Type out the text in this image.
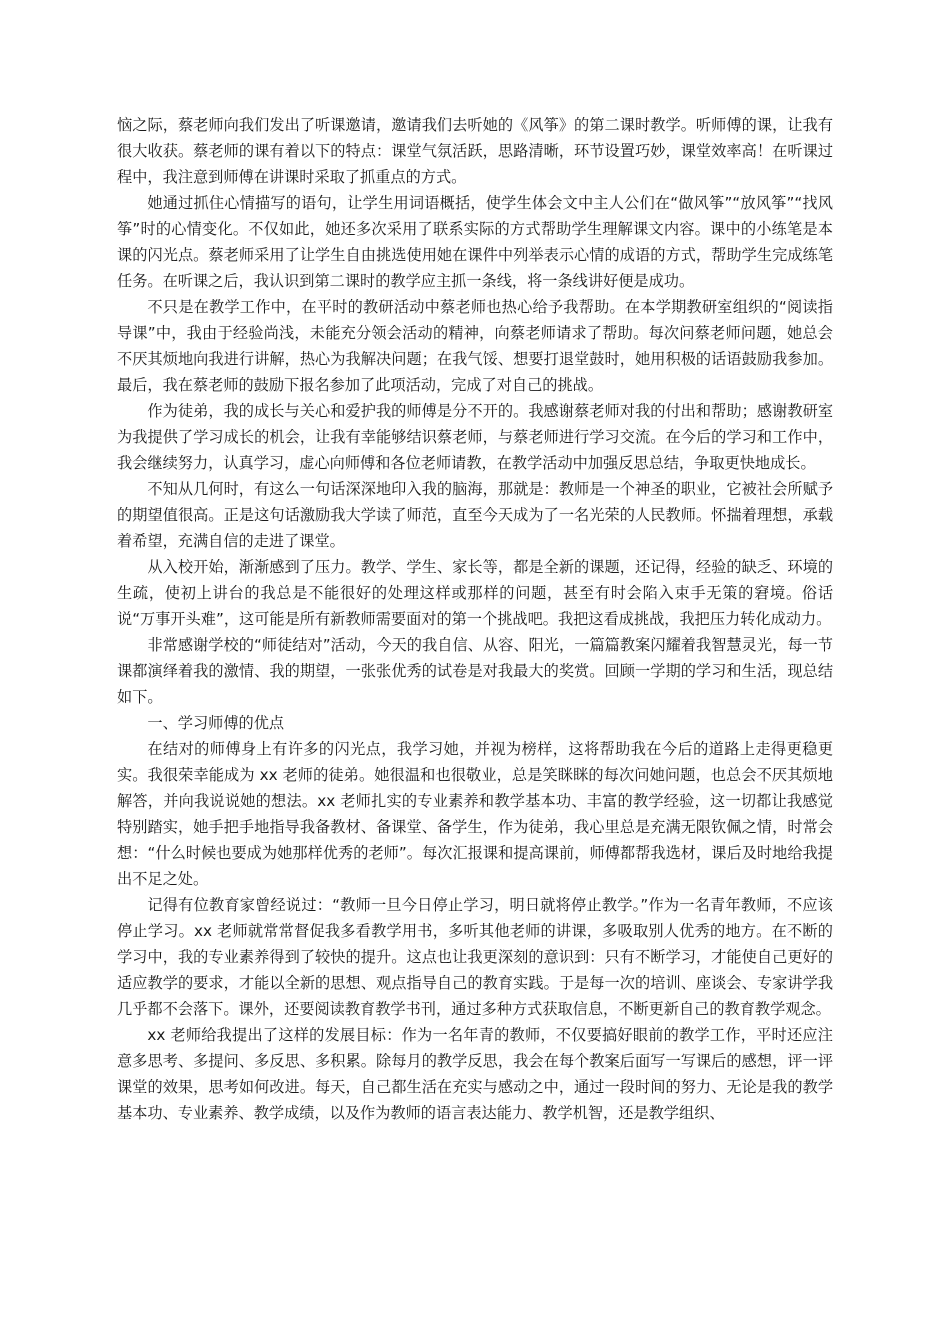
恼之际，蔡老师向我们发出了听课邀请，邀请我们去听她的《风筝》的第二课时教学。听师傅的课，让我有很大收获。蔡老师的课有着以下的特点：课堂气氛活跃，思路清晰，环节设置巧妙，课堂效率高！在听课过程中，我注意到师傅在讲课时采取了抓重点的方式。

她通过抓住心情描写的语句，让学生用词语概括，使学生体会文中主人公们在“做风筝”“放风筝”“找风筝”时的心情变化。不仅如此，她还多次采用了联系实际的方式帮助学生理解课文内容。课中的小练笔是本课的闪光点。蔡老师采用了让学生自由挑选使用她在课件中列举表示心情的成语的方式，帮助学生完成练笔任务。在听课之后，我认识到第二课时的教学应主抓一条线，将一条线讲好便是成功。

不只是在教学工作中，在平时的教研活动中蔡老师也热心给予我帮助。在本学期教研室组织的“阅读指导课”中，我由于经验尚浅，未能充分领会活动的精神，向蔡老师请求了帮助。每次问蔡老师问题，她总会不厌其烦地向我进行讲解，热心为我解决问题；在我气馁、想要打退堂鼓时，她用积极的话语鼓励我参加。最后，我在蔡老师的鼓励下报名参加了此项活动，完成了对自己的挑战。

作为徒弟，我的成长与关心和爱护我的师傅是分不开的。我感谢蔡老师对我的付出和帮助；感谢教研室为我提供了学习成长的机会，让我有幸能够结识蔡老师，与蔡老师进行学习交流。在今后的学习和工作中，我会继续努力，认真学习，虚心向师傅和各位老师请教，在教学活动中加强反思总结，争取更快地成长。

不知从几何时，有这么一句话深深地印入我的脑海，那就是：教师是一个神圣的职业，它被社会所赋予的期望值很高。正是这句话激励我大学读了师范，直至今天成为了一名光荣的人民教师。怀揣着理想，承载着希望，充满自信的走进了课堂。

从入校开始，渐渐感到了压力。教学、学生、家长等，都是全新的课题，还记得，经验的缺乏、环境的生疏，使初上讲台的我总是不能很好的处理这样或那样的问题，甚至有时会陷入束手无策的窘境。俗话说“万事开头难”，这可能是所有新教师需要面对的第一个挑战吧。我把这看成挑战，我把压力转化成动力。

非常感谢学校的“师徒结对”活动，今天的我自信、从容、阳光，一篇篇教案闪耀着我智慧灵光，每一节课都演绎着我的激情、我的期望，一张张优秀的试卷是对我最大的奖赏。回顾一学期的学习和生活，现总结如下。

一、学习师傅的优点

在结对的师傅身上有许多的闪光点，我学习她，并视为榜样，这将帮助我在今后的道路上走得更稳更实。我很荣幸能成为 xx 老师的徒弟。她很温和也很敬业，总是笑眯眯的每次问她问题，也总会不厌其烦地解答，并向我说说她的想法。xx 老师扎实的专业素养和教学基本功、丰富的教学经验，这一切都让我感觉特别踏实，她手把手地指导我备教材、备课堂、备学生，作为徒弟，我心里总是充满无限钦佩之情，时常会想：“什么时候也要成为她那样优秀的老师”。每次汇报课和提高课前，师傅都帮我选材，课后及时地给我提出不足之处。

记得有位教育家曾经说过：“教师一旦今日停止学习，明日就将停止教学。”作为一名青年教师，不应该停止学习。xx 老师就常常督促我多看教学用书，多听其他老师的讲课，多吸取别人优秀的地方。在不断的学习中，我的专业素养得到了较快的提升。这点也让我更深刻的意识到：只有不断学习，才能使自己更好的适应教学的要求，才能以全新的思想、观点指导自己的教育实践。于是每一次的培训、座谈会、专家讲学我几乎都不会落下。课外，还要阅读教育教学书刊，通过多种方式获取信息，不断更新自己的教育教学观念。

xx 老师给我提出了这样的发展目标：作为一名年青的教师，不仅要搞好眼前的教学工作，平时还应注意多思考、多提问、多反思、多积累。除每月的教学反思，我会在每个教案后面写一写课后的感想，评一评课堂的效果，思考如何改进。每天，自己都生活在充实与感动之中，通过一段时间的努力、无论是我的教学基本功、专业素养、教学成绩，以及作为教师的语言表达能力、教学机智，还是教学组织、
